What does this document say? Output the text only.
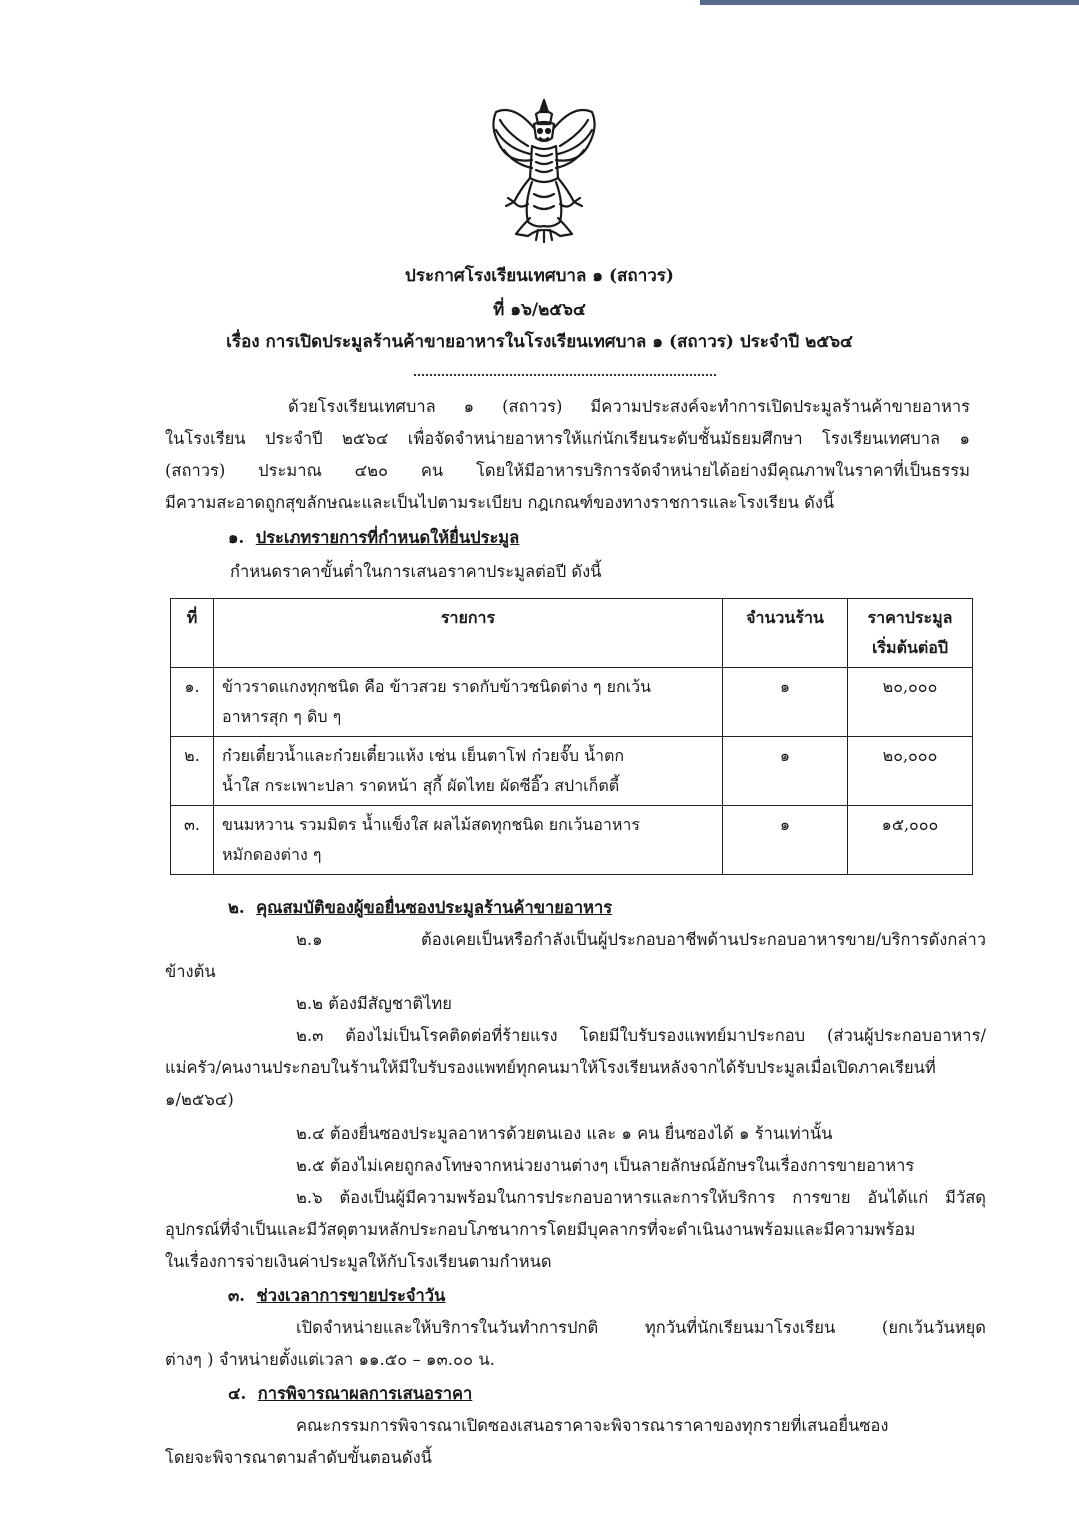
ประกาศโรงเรียนเทศบาล ๑ (สถาวร)
ที่ ๑๖/๒๕๖๔
เรื่อง การเปิดประมูลร้านค้าขายอาหารในโรงเรียนเทศบาล ๑ (สถาวร) ประจำปี ๒๕๖๔
ด้วยโรงเรียนเทศบาล ๑ (สถาวร) มีความประสงค์จะทำการเปิดประมูลร้านค้าขายอาหาร
ในโรงเรียน ประจำปี ๒๕๖๔ เพื่อจัดจำหน่ายอาหารให้แก่นักเรียนระดับชั้นมัธยมศึกษา โรงเรียนเทศบาล ๑
(สถาวร) ประมาณ ๔๒๐ คน โดยให้มีอาหารบริการจัดจำหน่ายได้อย่างมีคุณภาพในราคาที่เป็นธรรม
มีความสะอาดถูกสุขลักษณะและเป็นไปตามระเบียบ กฎเกณฑ์ของทางราชการและโรงเรียน ดังนี้
๑. ประเภทรายการที่กำหนดให้ยื่นประมูล
กำหนดราคาขั้นต่ำในการเสนอราคาประมูลต่อปี ดังนี้
ที่	รายการ	จำนวนร้าน	ราคาประมูล
เริ่มต้นต่อปี

๑.	ข้าวราดแกงทุกชนิด คือ ข้าวสวย ราดกับข้าวชนิดต่าง ๆ ยกเว้น
อาหารสุก ๆ ดิบ ๆ	๑	๒๐,๐๐๐
๒.	ก๋วยเตี๋ยวน้ำและก๋วยเตี๋ยวแห้ง เช่น เย็นตาโฟ ก๋วยจั๊บ น้ำตก
น้ำใส กระเพาะปลา ราดหน้า สุกี้ ผัดไทย ผัดซีอิ๊ว สปาเก็ตตี้	๑	๒๐,๐๐๐
๓.	ขนมหวาน รวมมิตร น้ำแข็งใส ผลไม้สดทุกชนิด ยกเว้นอาหาร
หมักดองต่าง ๆ	๑	๑๕,๐๐๐
๒. คุณสมบัติของผู้ขอยื่นซองประมูลร้านค้าขายอาหาร
๒.๑ ต้องเคยเป็นหรือกำลังเป็นผู้ประกอบอาชีพด้านประกอบอาหารขาย/บริการดังกล่าว
ข้างต้น
๒.๒ ต้องมีสัญชาติไทย
๒.๓ ต้องไม่เป็นโรคติดต่อที่ร้ายแรง โดยมีใบรับรองแพทย์มาประกอบ (ส่วนผู้ประกอบอาหาร/
แม่ครัว/คนงานประกอบในร้านให้มีใบรับรองแพทย์ทุกคนมาให้โรงเรียนหลังจากได้รับประมูลเมื่อเปิดภาคเรียนที่
๑/๒๕๖๔)
๒.๔ ต้องยื่นซองประมูลอาหารด้วยตนเอง และ ๑ คน ยื่นซองได้ ๑ ร้านเท่านั้น
๒.๕ ต้องไม่เคยถูกลงโทษจากหน่วยงานต่างๆ เป็นลายลักษณ์อักษรในเรื่องการขายอาหาร
๒.๖ ต้องเป็นผู้มีความพร้อมในการประกอบอาหารและการให้บริการ การขาย อันได้แก่ มีวัสดุ
อุปกรณ์ที่จำเป็นและมีวัสดุตามหลักประกอบโภชนาการโดยมีบุคลากรที่จะดำเนินงานพร้อมและมีความพร้อม
ในเรื่องการจ่ายเงินค่าประมูลให้กับโรงเรียนตามกำหนด
๓. ช่วงเวลาการขายประจำวัน
เปิดจำหน่ายและให้บริการในวันทำการปกติ ทุกวันที่นักเรียนมาโรงเรียน (ยกเว้นวันหยุด
ต่างๆ ) จำหน่ายตั้งแต่เวลา ๑๑.๕๐ – ๑๓.๐๐ น.
๔. การพิจารณาผลการเสนอราคา
คณะกรรมการพิจารณาเปิดซองเสนอราคาจะพิจารณาราคาของทุกรายที่เสนอยื่นซอง
โดยจะพิจารณาตามลำดับขั้นตอนดังนี้
